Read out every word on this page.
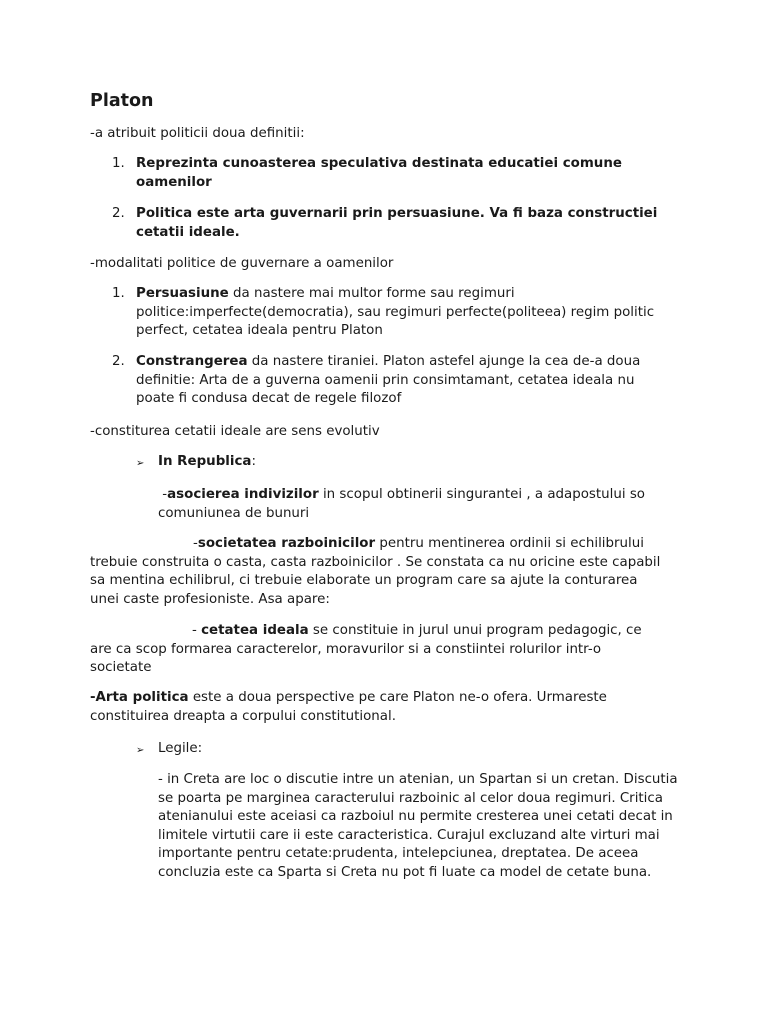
Platon
-a atribuit politicii doua definitii:
1. Reprezinta cunoasterea speculativa destinata educatiei comune oamenilor
2. Politica este arta guvernarii prin persuasiune. Va fi baza constructiei cetatii ideale.
-modalitati politice de guvernare a oamenilor
1. Persuasiune da nastere mai multor forme sau regimuri politice:imperfecte(democratia), sau regimuri perfecte(politeea) regim politic perfect, cetatea ideala pentru Platon
2. Constrangerea da nastere tiraniei. Platon astefel ajunge la cea de-a doua definitie: Arta de a guverna oamenii prin consimtamant, cetatea ideala nu poate fi condusa decat de regele filozof
-constiturea cetatii ideale are sens evolutiv
➢ In Republica:
-asocierea indivizilor in scopul obtinerii singurantei , a adapostului so comuniunea de bunuri
-societatea razboinicilor pentru mentinerea ordinii si echilibrului trebuie construita o casta, casta razboinicilor . Se constata ca nu oricine este capabil sa mentina echilibrul, ci trebuie elaborate un program care sa ajute la conturarea unei caste profesioniste. Asa apare:
- cetatea ideala se constituie in jurul unui program pedagogic, ce are ca scop formarea caracterelor, moravurilor si a constiintei rolurilor intr-o societate
-Arta politica este a doua perspective pe care Platon ne-o ofera. Urmareste constituirea dreapta a corpului constitutional.
➢ Legile:
- in Creta are loc o discutie intre un atenian, un Spartan si un cretan. Discutia se poarta pe marginea caracterului razboinic al celor doua regimuri. Critica atenianului este aceiasi ca razboiul nu permite cresterea unei cetati decat in limitele virtutii care ii este caracteristica. Curajul excluzand alte virturi mai importante pentru cetate:prudenta, intelepciunea, dreptatea. De aceea concluzia este ca Sparta si Creta nu pot fi luate ca model de cetate buna.
